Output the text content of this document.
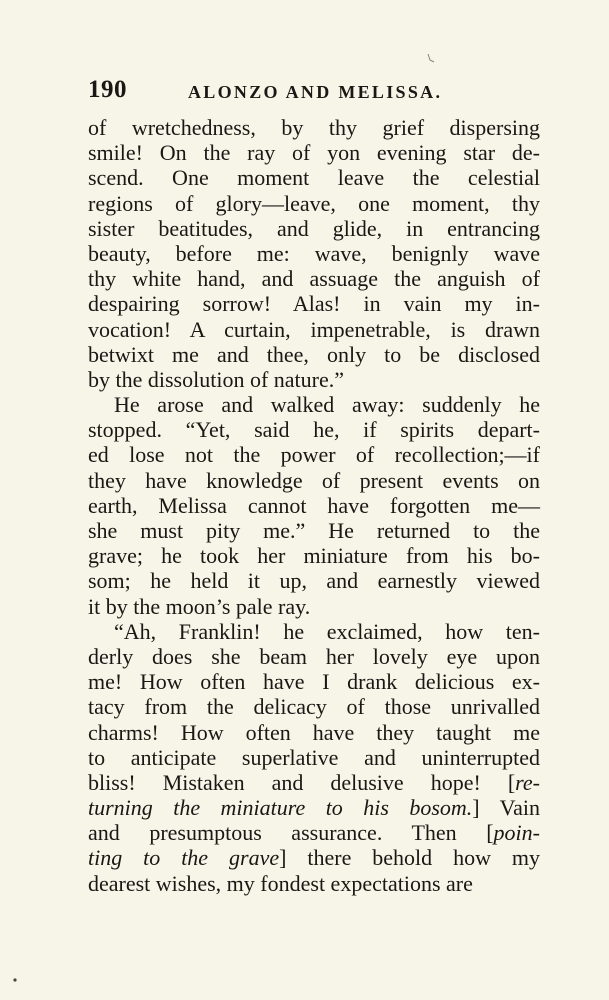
190	ALONZO AND MELISSA.
of wretchedness, by thy grief dispersing
smile! On the ray of yon evening star de-
scend. One moment leave the celestial
regions of glory—leave, one moment, thy
sister beatitudes, and glide, in entrancing
beauty, before me: wave, benignly wave
thy white hand, and assuage the anguish of
despairing sorrow! Alas! in vain my in-
vocation! A curtain, impenetrable, is drawn
betwixt me and thee, only to be disclosed
by the dissolution of nature.”
He arose and walked away: suddenly he
stopped. “Yet, said he, if spirits depart-
ed lose not the power of recollection;—if
they have knowledge of present events on
earth, Melissa cannot have forgotten me—
she must pity me.” He returned to the
grave; he took her miniature from his bo-
som; he held it up, and earnestly viewed
it by the moon’s pale ray.
“Ah, Franklin! he exclaimed, how ten-
derly does she beam her lovely eye upon
me! How often have I drank delicious ex-
tacy from the delicacy of those unrivalled
charms! How often have they taught me
to anticipate superlative and uninterrupted
bliss! Mistaken and delusive hope! [re-
turning the miniature to his bosom.] Vain
and presumptous assurance. Then [poin-
ting to the grave] there behold how my
dearest wishes, my fondest expectations are
